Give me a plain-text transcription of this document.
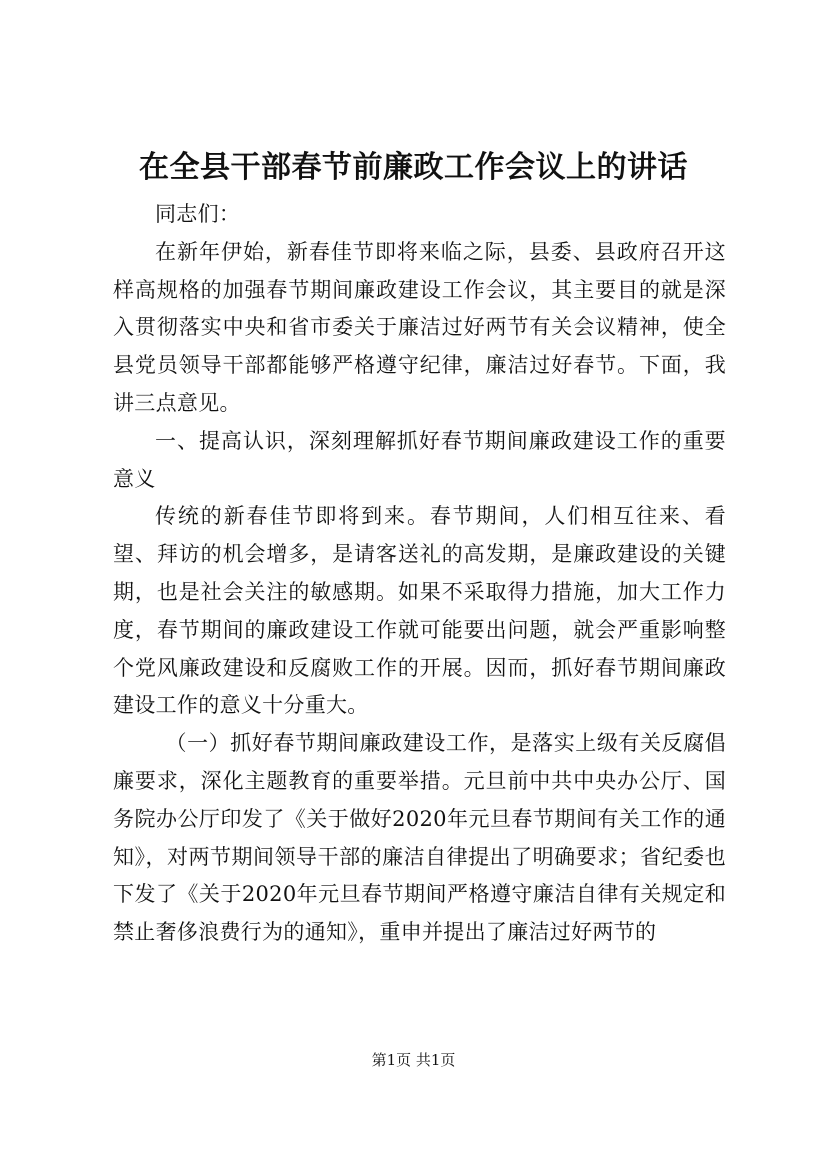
在全县干部春节前廉政工作会议上的讲话

同志们：

在新年伊始，新春佳节即将来临之际，县委、县政府召开这样高规格的加强春节期间廉政建设工作会议，其主要目的就是深入贯彻落实中央和省市委关于廉洁过好两节有关会议精神，使全县党员领导干部都能够严格遵守纪律，廉洁过好春节。下面，我讲三点意见。

一、提高认识，深刻理解抓好春节期间廉政建设工作的重要意义

传统的新春佳节即将到来。春节期间，人们相互往来、看望、拜访的机会增多，是请客送礼的高发期，是廉政建设的关键期，也是社会关注的敏感期。如果不采取得力措施，加大工作力度，春节期间的廉政建设工作就可能要出问题，就会严重影响整个党风廉政建设和反腐败工作的开展。因而，抓好春节期间廉政建设工作的意义十分重大。

（一）抓好春节期间廉政建设工作，是落实上级有关反腐倡廉要求，深化主题教育的重要举措。元旦前中共中央办公厅、国务院办公厅印发了《关于做好2020年元旦春节期间有关工作的通知》，对两节期间领导干部的廉洁自律提出了明确要求；省纪委也下发了《关于2020年元旦春节期间严格遵守廉洁自律有关规定和禁止奢侈浪费行为的通知》，重申并提出了廉洁过好两节的

第1页 共1页
